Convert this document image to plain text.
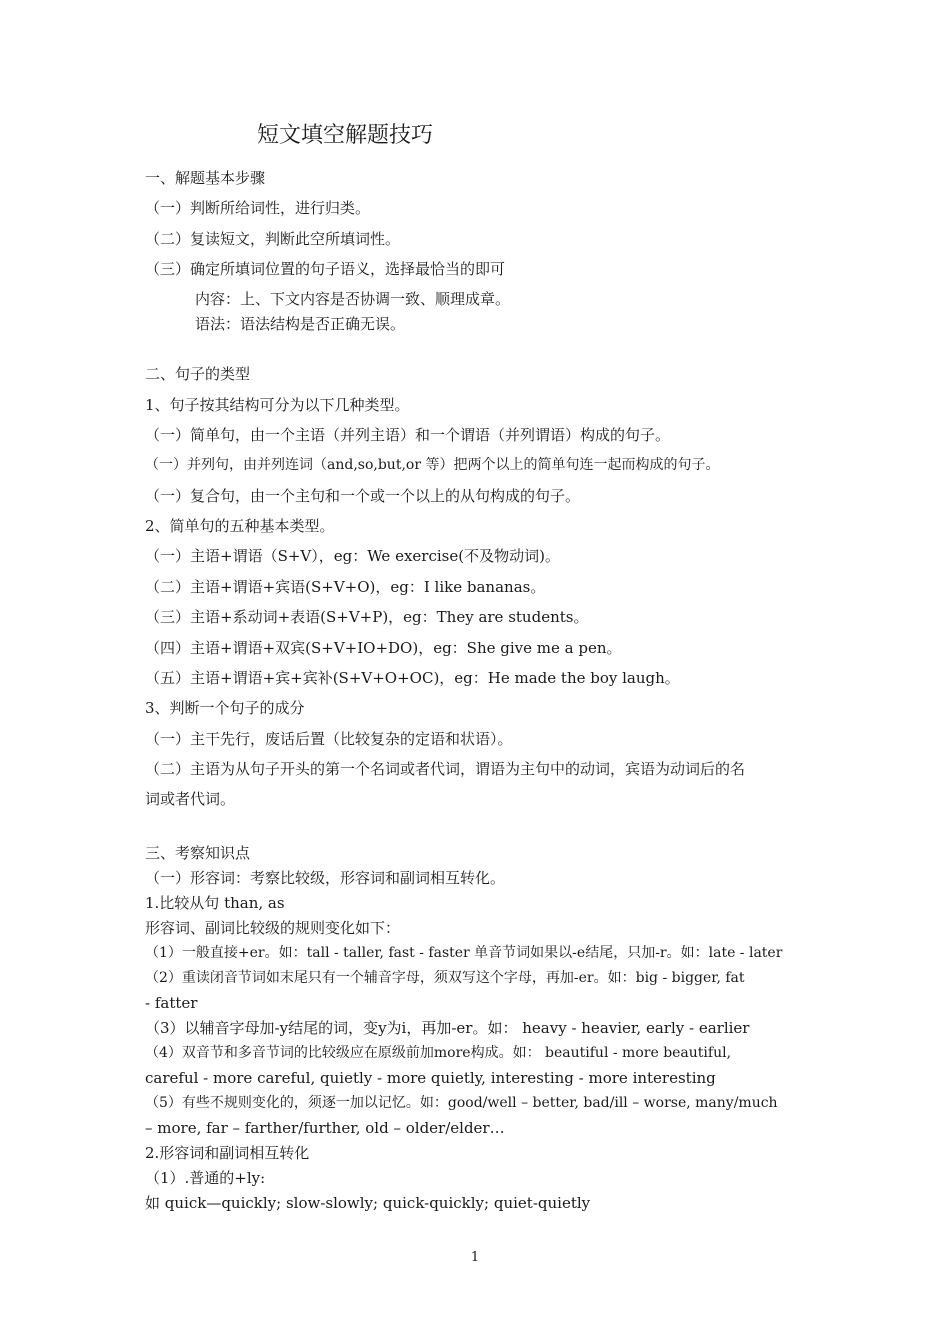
短文填空解题技巧
一、解题基本步骤
（一）判断所给词性，进行归类。
（二）复读短文，判断此空所填词性。
（三）确定所填词位置的句子语义，选择最恰当的即可
内容：上、下文内容是否协调一致、顺理成章。
语法：语法结构是否正确无误。
二、句子的类型
1、句子按其结构可分为以下几种类型。
（一）简单句，由一个主语（并列主语）和一个谓语（并列谓语）构成的句子。
（一）并列句，由并列连词（and,so,but,or 等）把两个以上的简单句连一起而构成的句子。
（一）复合句，由一个主句和一个或一个以上的从句构成的句子。
2、简单句的五种基本类型。
（一）主语+谓语（S+V），eg：We exercise(不及物动词)。
（二）主语+谓语+宾语(S+V+O)，eg：I like bananas。
（三）主语+系动词+表语(S+V+P)，eg：They are students。
（四）主语+谓语+双宾(S+V+IO+DO)，eg：She give me a pen。
（五）主语+谓语+宾+宾补(S+V+O+OC)，eg：He made the boy laugh。
3、判断一个句子的成分
（一）主干先行，废话后置（比较复杂的定语和状语）。
（二）主语为从句子开头的第一个名词或者代词，谓语为主句中的动词，宾语为动词后的名
词或者代词。
三、考察知识点
（一）形容词：考察比较级，形容词和副词相互转化。
1.比较从句 than, as
形容词、副词比较级的规则变化如下：
（1）一般直接+er。如：tall - taller, fast - faster 单音节词如果以-e结尾，只加-r。如：late - later
（2）重读闭音节词如末尾只有一个辅音字母，须双写这个字母，再加-er。如：big - bigger, fat
- fatter
（3）以辅音字母加-y结尾的词，变y为i，再加-er。如： heavy - heavier, early - earlier
（4）双音节和多音节词的比较级应在原级前加more构成。如： beautiful - more beautiful,
careful - more careful, quietly - more quietly, interesting - more interesting
（5）有些不规则变化的，须逐一加以记忆。如：good/well – better, bad/ill – worse, many/much
– more, far – farther/further, old – older/elder…
2.形容词和副词相互转化
（1）.普通的+ly:
如 quick—quickly; slow-slowly; quick-quickly; quiet-quietly
1
